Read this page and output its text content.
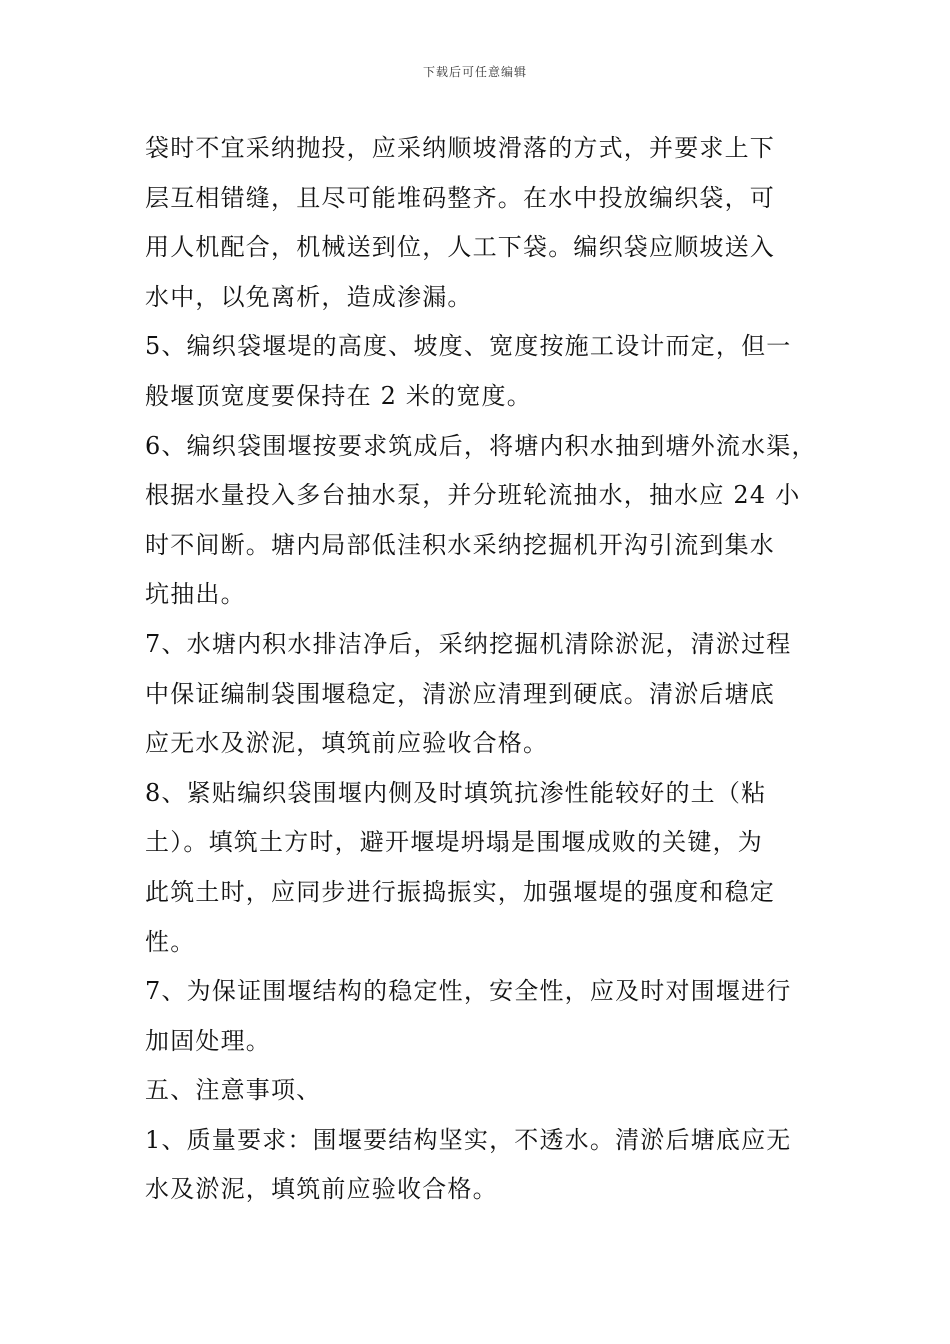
下载后可任意编辑
袋时不宜采纳抛投，应采纳顺坡滑落的方式，并要求上下
层互相错缝，且尽可能堆码整齐。在水中投放编织袋，可
用人机配合，机械送到位，人工下袋。编织袋应顺坡送入
水中，以免离析，造成渗漏。
5、编织袋堰堤的高度、坡度、宽度按施工设计而定，但一
般堰顶宽度要保持在 2 米的宽度。
6、编织袋围堰按要求筑成后，将塘内积水抽到塘外流水渠，
根据水量投入多台抽水泵，并分班轮流抽水，抽水应 24 小
时不间断。塘内局部低洼积水采纳挖掘机开沟引流到集水
坑抽出。
7、水塘内积水排洁净后，采纳挖掘机清除淤泥，清淤过程
中保证编制袋围堰稳定，清淤应清理到硬底。清淤后塘底
应无水及淤泥，填筑前应验收合格。
8、紧贴编织袋围堰内侧及时填筑抗渗性能较好的土（粘
土）。填筑土方时，避开堰堤坍塌是围堰成败的关键，为
此筑土时，应同步进行振捣振实，加强堰堤的强度和稳定
性。
7、为保证围堰结构的稳定性，安全性，应及时对围堰进行
加固处理。
五、注意事项、
1、质量要求：围堰要结构坚实，不透水。清淤后塘底应无
水及淤泥，填筑前应验收合格。
